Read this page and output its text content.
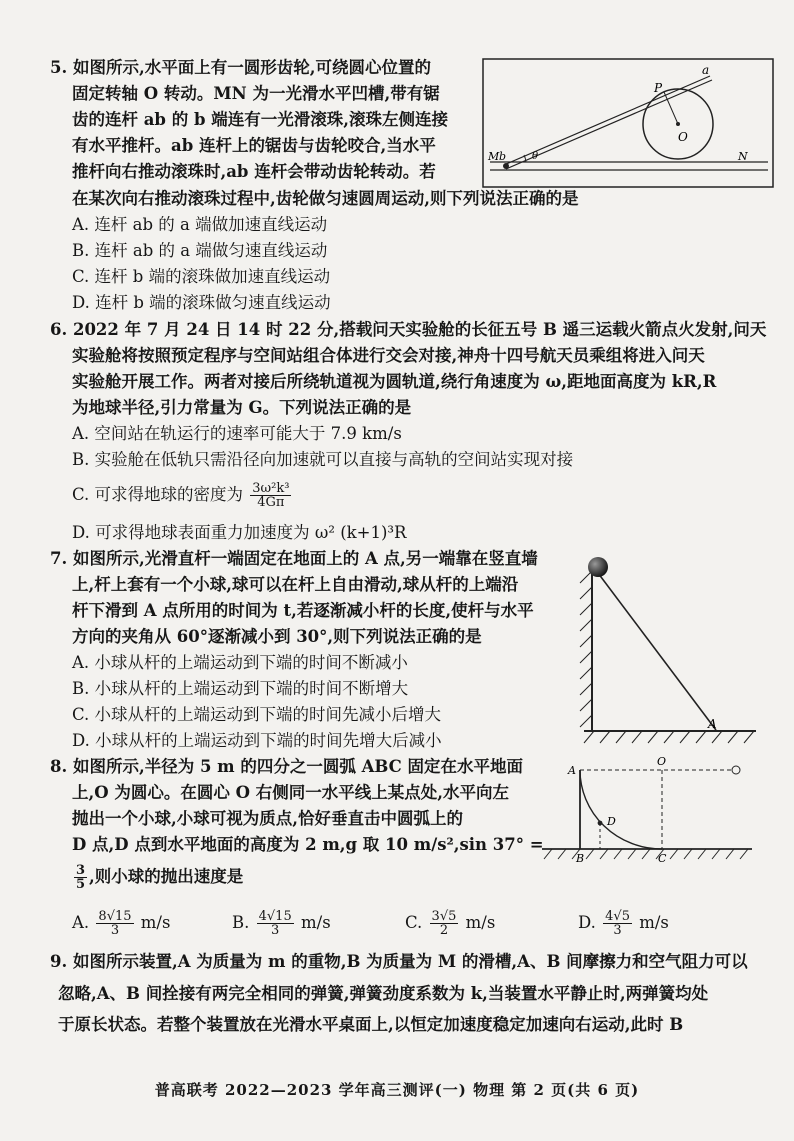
5. 如图所示,水平面上有一圆形齿轮,可绕圆心位置的
固定转轴 O 转动。MN 为一光滑水平凹槽,带有锯
齿的连杆 ab 的 b 端连有一光滑滚珠,滚珠左侧连接
有水平推杆。ab 连杆上的锯齿与齿轮咬合,当水平
推杆向右推动滚珠时,ab 连杆会带动齿轮转动。若
在某次向右推动滚珠过程中,齿轮做匀速圆周运动,则下列说法正确的是
A. 连杆 ab 的 a 端做加速直线运动
B. 连杆 ab 的 a 端做匀速直线运动
C. 连杆 b 端的滚珠做加速直线运动
D. 连杆 b 端的滚珠做匀速直线运动
a
P
O
M b	θ	N
6. 2022 年 7 月 24 日 14 时 22 分,搭载问天实验舱的长征五号 B 遥三运载火箭点火发射,问天
实验舱将按照预定程序与空间站组合体进行交会对接,神舟十四号航天员乘组将进入问天
实验舱开展工作。两者对接后所绕轨道视为圆轨道,绕行角速度为 ω,距地面高度为 kR,R
为地球半径,引力常量为 G。下列说法正确的是
A. 空间站在轨运行的速率可能大于 7.9 km/s
B. 实验舱在低轨只需沿径向加速就可以直接与高轨的空间站实现对接
C. 可求得地球的密度为 $\frac{\text{3ω²k³}}{4G\pi}$
D. 可求得地球表面重力加速度为 ω² (k+1)³R
7. 如图所示,光滑直杆一端固定在地面上的 A 点,另一端靠在竖直墙
上,杆上套有一个小球,球可以在杆上自由滑动,球从杆的上端沿
杆下滑到 A 点所用的时间为 t,若逐渐减小杆的长度,使杆与水平
方向的夹角从 60°逐渐减小到 30°,则下列说法正确的是
A. 小球从杆的上端运动到下端的时间不断减小
B. 小球从杆的上端运动到下端的时间不断增大
C. 小球从杆的上端运动到下端的时间先减小后增大
D. 小球从杆的上端运动到下端的时间先增大后减小
A
8. 如图所示,半径为 5 m 的四分之一圆弧 ABC 固定在水平地面
上,O 为圆心。在圆心 O 右侧同一水平线上某点处,水平向左
抛出一个小球,小球可视为质点,恰好垂直击中圆弧上的
D 点,D 点到水平地面的高度为 2 m,g 取 10 m/s²,sin 37° =
$\frac{3}{5}$ ,则小球的抛出速度是
A. $\frac{8√15}{3} m/s$	B. $\frac{4√15}{3} m/s$	C. $\frac{3√5}{2} m/s$	D. $\frac{4√5}{3} m/s$
A
O
D
B	C
9. 如图所示装置,A 为质量为 m 的重物,B 为质量为 M 的滑槽,A、B 间摩擦力和空气阻力可以
忽略,A、B 间拴接有两完全相同的弹簧,弹簧劲度系数为 k,当装置水平静止时,两弹簧均处
于原长状态。若整个装置放在光滑水平桌面上,以恒定加速度稳定加速向右运动,此时 B
普高联考 2022—2023 学年高三测评(一) 物理 第 2 页(共 6 页)
